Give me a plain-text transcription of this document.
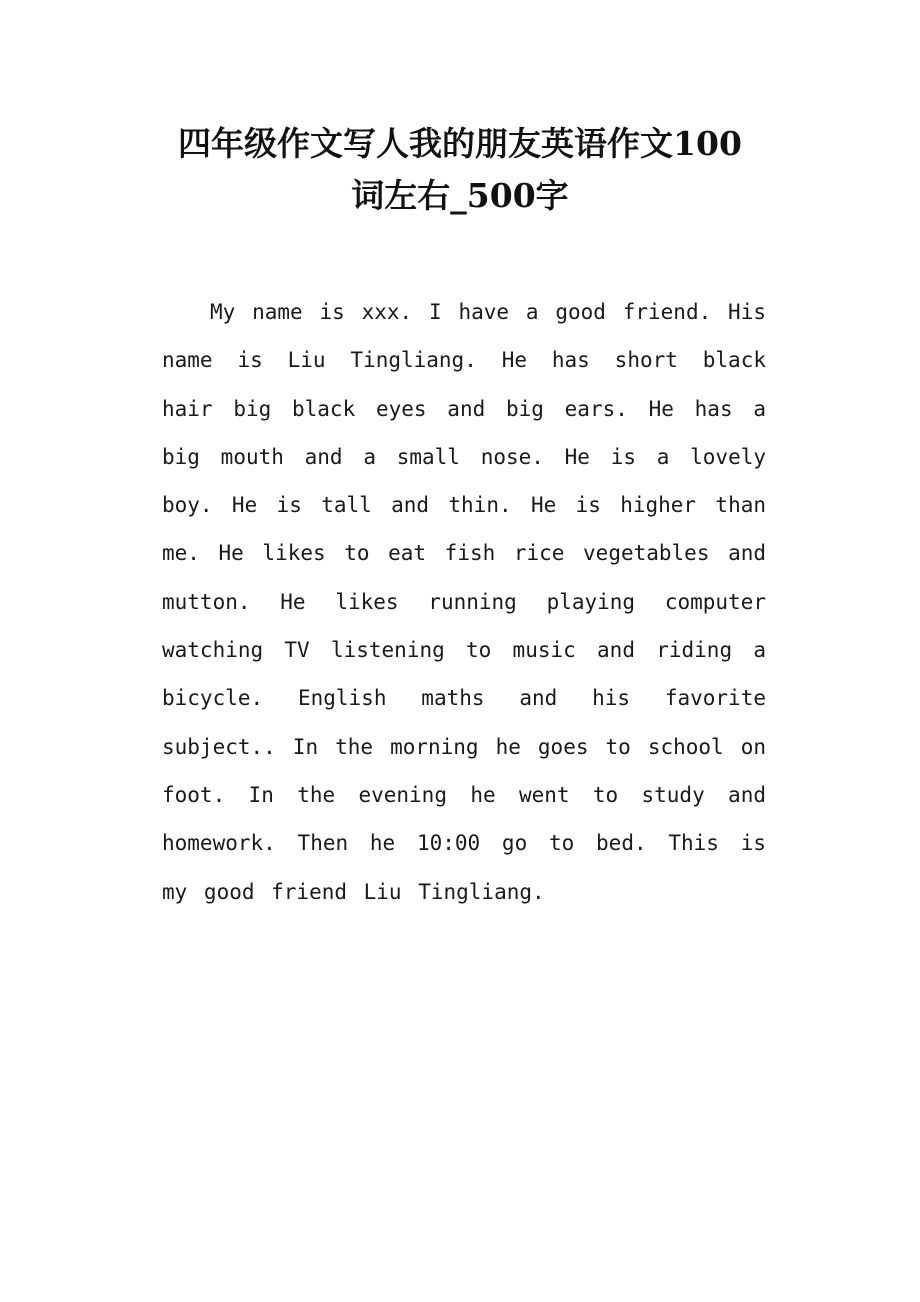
四年级作文写人我的朋友英语作文100
词左右_500字

My name is xxx. I have a good friend. His name is Liu Tingliang. He has short black hair big black eyes and big ears. He has a big mouth and a small nose. He is a lovely boy. He is tall and thin. He is higher than me. He likes to eat fish rice vegetables and mutton. He likes running playing computer watching TV listening to music and riding a bicycle. English maths and his favorite subject.. In the morning he goes to school on foot. In the evening he went to study and homework. Then he 10:00 go to bed. This is my good friend Liu Tingliang.
